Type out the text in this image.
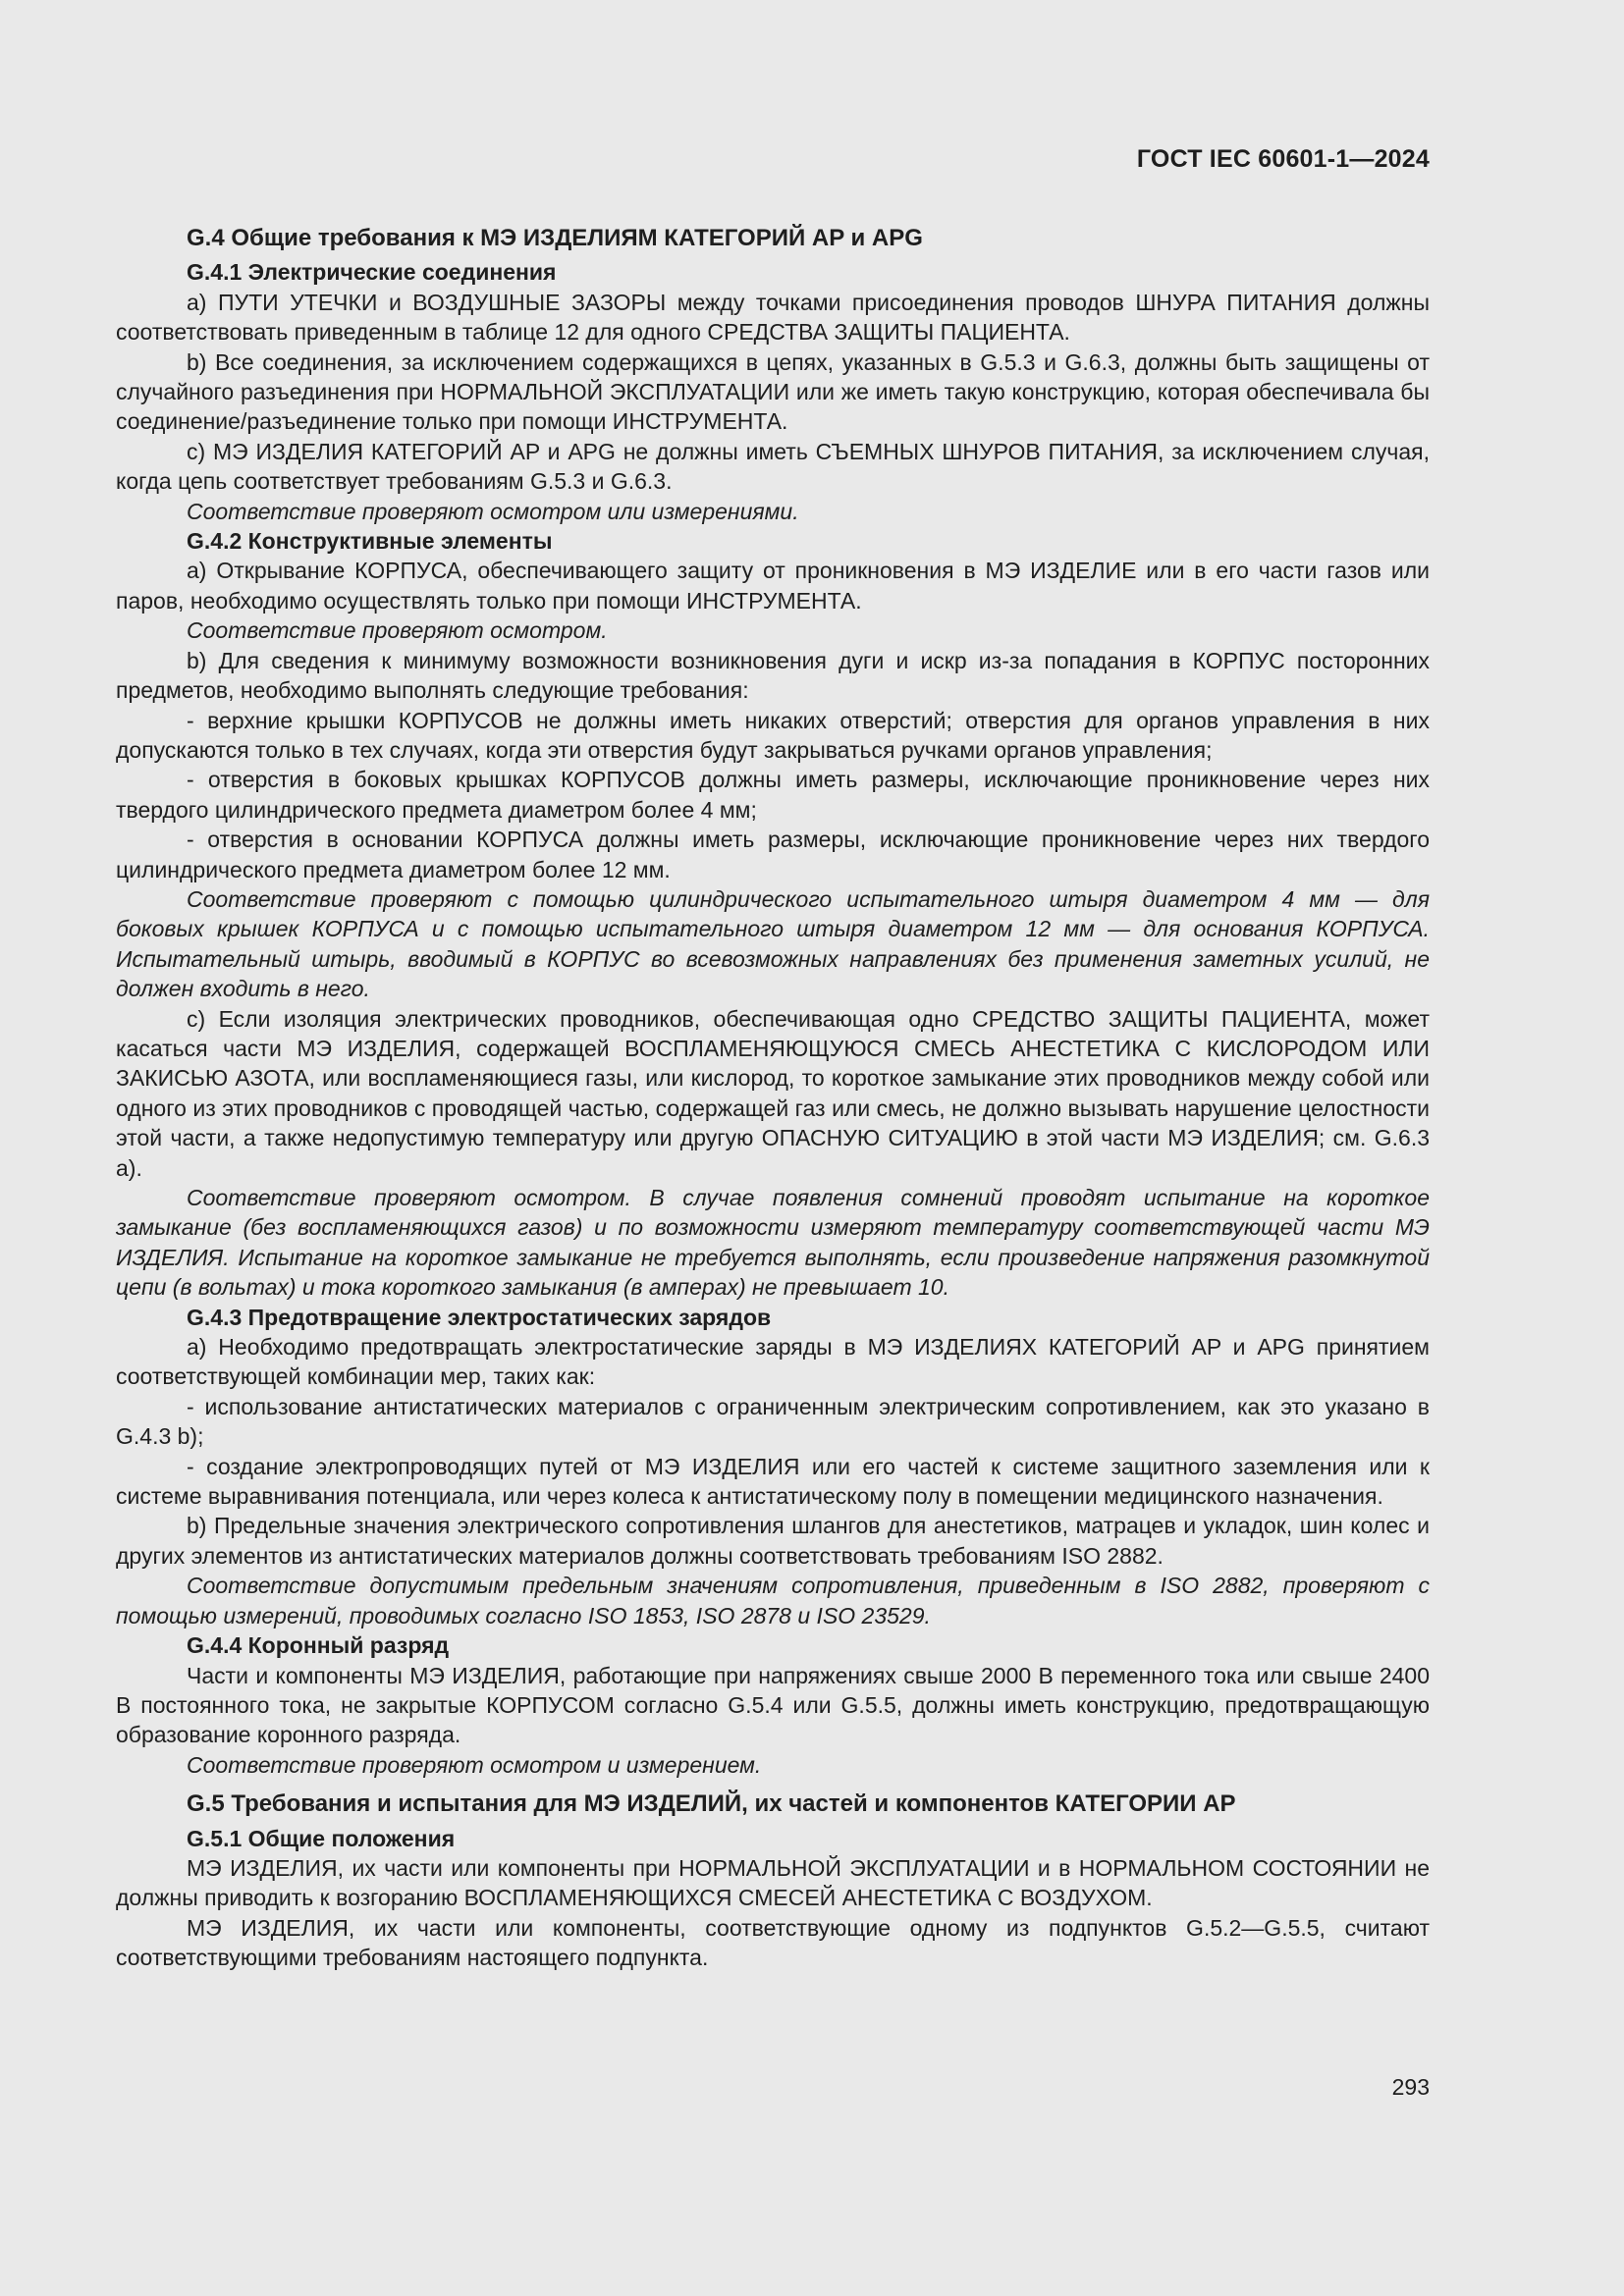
ГОСТ IEC 60601-1—2024

G.4 Общие требования к МЭ ИЗДЕЛИЯМ КАТЕГОРИЙ AP и APG

G.4.1 Электрические соединения

a) ПУТИ УТЕЧКИ и ВОЗДУШНЫЕ ЗАЗОРЫ между точками присоединения проводов ШНУРА ПИТАНИЯ должны соответствовать приведенным в таблице 12 для одного СРЕДСТВА ЗАЩИТЫ ПАЦИЕНТА.

b) Все соединения, за исключением содержащихся в цепях, указанных в G.5.3 и G.6.3, должны быть защищены от случайного разъединения при НОРМАЛЬНОЙ ЭКСПЛУАТАЦИИ или же иметь такую конструкцию, которая обеспечивала бы соединение/разъединение только при помощи ИНСТРУМЕНТА.

c) МЭ ИЗДЕЛИЯ КАТЕГОРИЙ AP и APG не должны иметь СЪЕМНЫХ ШНУРОВ ПИТАНИЯ, за исключением случая, когда цепь соответствует требованиям G.5.3 и G.6.3.

Соответствие проверяют осмотром или измерениями.

G.4.2 Конструктивные элементы

a) Открывание КОРПУСА, обеспечивающего защиту от проникновения в МЭ ИЗДЕЛИЕ или в его части газов или паров, необходимо осуществлять только при помощи ИНСТРУМЕНТА.

Соответствие проверяют осмотром.

b) Для сведения к минимуму возможности возникновения дуги и искр из-за попадания в КОРПУС посторонних предметов, необходимо выполнять следующие требования:

- верхние крышки КОРПУСОВ не должны иметь никаких отверстий; отверстия для органов управления в них допускаются только в тех случаях, когда эти отверстия будут закрываться ручками органов управления;

- отверстия в боковых крышках КОРПУСОВ должны иметь размеры, исключающие проникновение через них твердого цилиндрического предмета диаметром более 4 мм;

- отверстия в основании КОРПУСА должны иметь размеры, исключающие проникновение через них твердого цилиндрического предмета диаметром более 12 мм.

Соответствие проверяют с помощью цилиндрического испытательного штыря диаметром 4 мм — для боковых крышек КОРПУСА и с помощью испытательного штыря диаметром 12 мм — для основания КОРПУСА. Испытательный штырь, вводимый в КОРПУС во всевозможных направлениях без применения заметных усилий, не должен входить в него.

c) Если изоляция электрических проводников, обеспечивающая одно СРЕДСТВО ЗАЩИТЫ ПАЦИЕНТА, может касаться части МЭ ИЗДЕЛИЯ, содержащей ВОСПЛАМЕНЯЮЩУЮСЯ СМЕСЬ АНЕСТЕТИКА С КИСЛОРОДОМ ИЛИ ЗАКИСЬЮ АЗОТА, или воспламеняющиеся газы, или кислород, то короткое замыкание этих проводников между собой или одного из этих проводников с проводящей частью, содержащей газ или смесь, не должно вызывать нарушение целостности этой части, а также недопустимую температуру или другую ОПАСНУЮ СИТУАЦИЮ в этой части МЭ ИЗДЕЛИЯ; см. G.6.3 a).

Соответствие проверяют осмотром. В случае появления сомнений проводят испытание на короткое замыкание (без воспламеняющихся газов) и по возможности измеряют температуру соответствующей части МЭ ИЗДЕЛИЯ. Испытание на короткое замыкание не требуется выполнять, если произведение напряжения разомкнутой цепи (в вольтах) и тока короткого замыкания (в амперах) не превышает 10.

G.4.3 Предотвращение электростатических зарядов

a) Необходимо предотвращать электростатические заряды в МЭ ИЗДЕЛИЯХ КАТЕГОРИЙ AP и APG принятием соответствующей комбинации мер, таких как:

- использование антистатических материалов с ограниченным электрическим сопротивлением, как это указано в G.4.3 b);

- создание электропроводящих путей от МЭ ИЗДЕЛИЯ или его частей к системе защитного заземления или к системе выравнивания потенциала, или через колеса к антистатическому полу в помещении медицинского назначения.

b) Предельные значения электрического сопротивления шлангов для анестетиков, матрацев и укладок, шин колес и других элементов из антистатических материалов должны соответствовать требованиям ISO 2882.

Соответствие допустимым предельным значениям сопротивления, приведенным в ISO 2882, проверяют с помощью измерений, проводимых согласно ISO 1853, ISO 2878 и ISO 23529.

G.4.4 Коронный разряд

Части и компоненты МЭ ИЗДЕЛИЯ, работающие при напряжениях свыше 2000 В переменного тока или свыше 2400 В постоянного тока, не закрытые КОРПУСОМ согласно G.5.4 или G.5.5, должны иметь конструкцию, предотвращающую образование коронного разряда.

Соответствие проверяют осмотром и измерением.

G.5 Требования и испытания для МЭ ИЗДЕЛИЙ, их частей и компонентов КАТЕГОРИИ AP

G.5.1 Общие положения

МЭ ИЗДЕЛИЯ, их части или компоненты при НОРМАЛЬНОЙ ЭКСПЛУАТАЦИИ и в НОРМАЛЬНОМ СОСТОЯНИИ не должны приводить к возгоранию ВОСПЛАМЕНЯЮЩИХСЯ СМЕСЕЙ АНЕСТЕТИКА С ВОЗДУХОМ.

МЭ ИЗДЕЛИЯ, их части или компоненты, соответствующие одному из подпунктов G.5.2—G.5.5, считают соответствующими требованиям настоящего подпункта.

293
